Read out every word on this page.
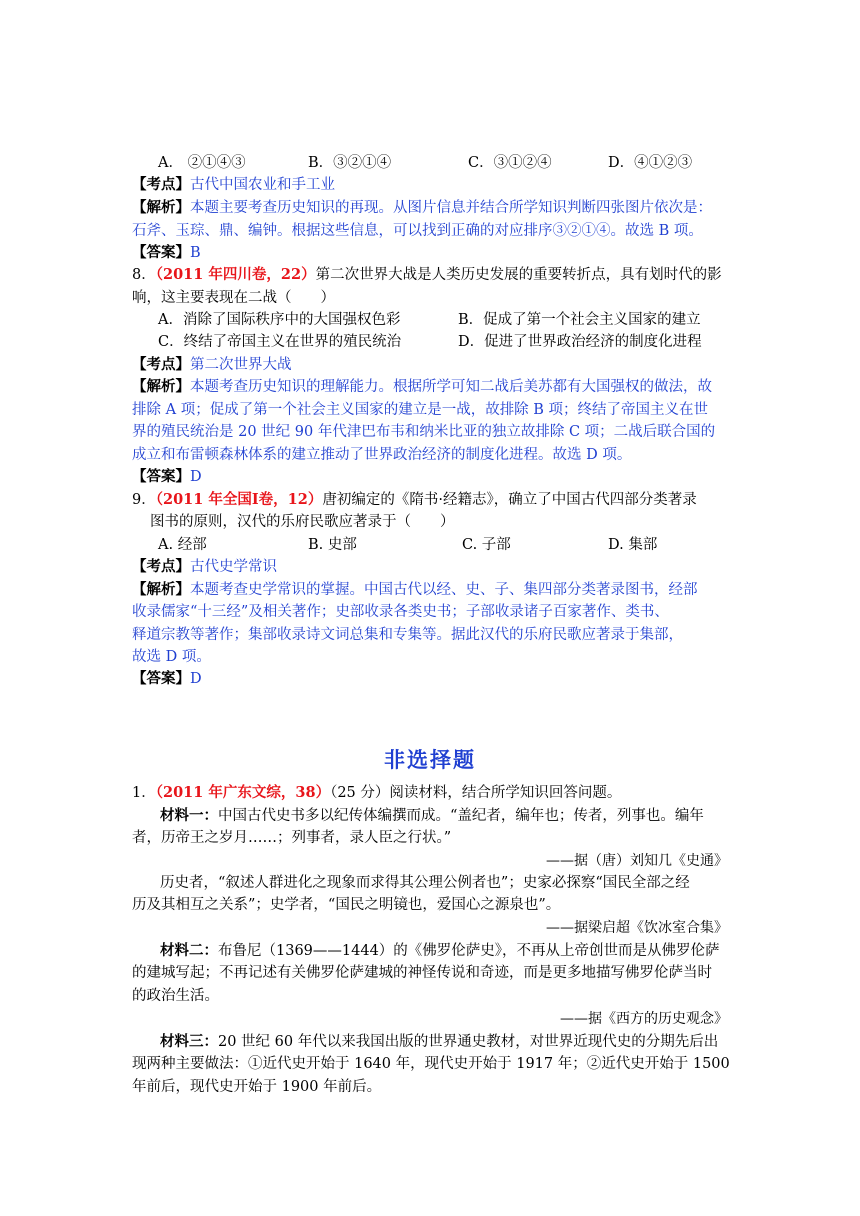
A． ②①④③	B．③②①④	C．③①②④	D．④①②③
【考点】古代中国农业和手工业
【解析】本题主要考查历史知识的再现。从图片信息并结合所学知识判断四张图片依次是：
石斧、玉琮、鼎、编钟。根据这些信息，可以找到正确的对应排序③②①④。故选 B 项。
【答案】B
8．（2011 年四川卷，22）第二次世界大战是人类历史发展的重要转折点，具有划时代的影
响，这主要表现在二战（　　）
A．消除了国际秩序中的大国强权色彩	B．促成了第一个社会主义国家的建立
C．终结了帝国主义在世界的殖民统治	D．促进了世界政治经济的制度化进程
【考点】第二次世界大战
【解析】本题考查历史知识的理解能力。根据所学可知二战后美苏都有大国强权的做法，故
排除 A 项；促成了第一个社会主义国家的建立是一战，故排除 B 项；终结了帝国主义在世
界的殖民统治是 20 世纪 90 年代津巴布韦和纳米比亚的独立故排除 C 项；二战后联合国的
成立和布雷顿森林体系的建立推动了世界政治经济的制度化进程。故选 D 项。
【答案】D
9．（2011 年全国Ⅰ卷，12）唐初编定的《隋书·经籍志》，确立了中国古代四部分类著录
图书的原则，汉代的乐府民歌应著录于（　　）
A. 经部	B. 史部	C. 子部	D. 集部
【考点】古代史学常识
【解析】本题考查史学常识的掌握。中国古代以经、史、子、集四部分类著录图书，经部
收录儒家“十三经”及相关著作；史部收录各类史书；子部收录诸子百家著作、类书、
释道宗教等著作；集部收录诗文词总集和专集等。据此汉代的乐府民歌应著录于集部，
故选 D 项。
【答案】D
非选择题
1．（2011 年广东文综，38）（25 分）阅读材料，结合所学知识回答问题。
材料一：中国古代史书多以纪传体编撰而成。“盖纪者，编年也；传者，列事也。编年
者，历帝王之岁月……；列事者，录人臣之行状。”
——据（唐）刘知几《史通》
历史者，“叙述人群进化之现象而求得其公理公例者也”；史家必探察“国民全部之经
历及其相互之关系”；史学者，“国民之明镜也，爱国心之源泉也”。
——据梁启超《饮冰室合集》
材料二：布鲁尼（1369——1444）的《佛罗伦萨史》，不再从上帝创世而是从佛罗伦萨
的建城写起；不再记述有关佛罗伦萨建城的神怪传说和奇迹，而是更多地描写佛罗伦萨当时
的政治生活。
——据《西方的历史观念》
材料三：20 世纪 60 年代以来我国出版的世界通史教材，对世界近现代史的分期先后出
现两种主要做法：①近代史开始于 1640 年，现代史开始于 1917 年；②近代史开始于 1500
年前后，现代史开始于 1900 年前后。
